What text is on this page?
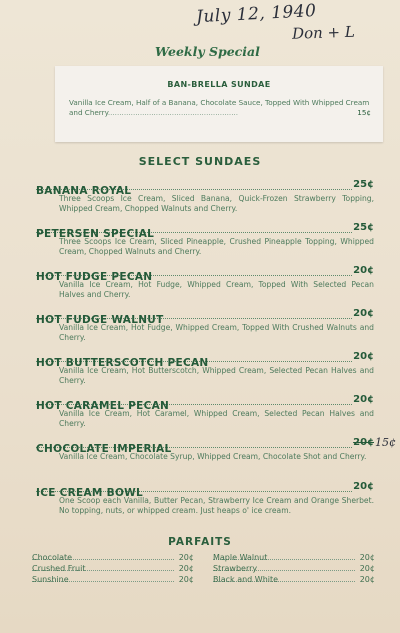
July 12, 1940
Don + L
Weekly Special
BAN-BRELLA SUNDAE
Vanilla Ice Cream, Half of a Banana, Chocolate Sauce, Topped With Whipped Cream and Cherry.........................................................	15¢
SELECT SUNDAES
BANANA ROYAL
25¢
Three Scoops Ice Cream, Sliced Banana, Quick-Frozen Strawberry Topping, Whipped Cream, Chopped Walnuts and Cherry.
PETERSEN SPECIAL
25¢
Three Scoops Ice Cream, Sliced Pineapple, Crushed Pineapple Topping, Whipped Cream, Chopped Walnuts and Cherry.
HOT FUDGE PECAN
20¢
Vanilla Ice Cream, Hot Fudge, Whipped Cream, Topped With Selected Pecan Halves and Cherry.
HOT FUDGE WALNUT
20¢
Vanilla Ice Cream, Hot Fudge, Whipped Cream, Topped With Crushed Walnuts and Cherry.
HOT BUTTERSCOTCH PECAN
20¢
Vanilla Ice Cream, Hot Butterscotch, Whipped Cream, Selected Pecan Halves and Cherry.
HOT CARAMEL PECAN
20¢
Vanilla Ice Cream, Hot Caramel, Whipped Cream, Selected Pecan Halves and Cherry.
CHOCOLATE IMPERIAL
20¢ 15¢
Vanilla Ice Cream, Chocolate Syrup, Whipped Cream, Chocolate Shot and Cherry.
ICE CREAM BOWL
20¢
One Scoop each Vanilla, Butter Pecan, Strawberry Ice Cream and Orange Sherbet. No topping, nuts, or whipped cream. Just heaps o' ice cream.
PARFAITS
Chocolate	20¢
Crushed Fruit	20¢
Sunshine	20¢
Maple Walnut	20¢
Strawberry	20¢
Black and White	20¢
